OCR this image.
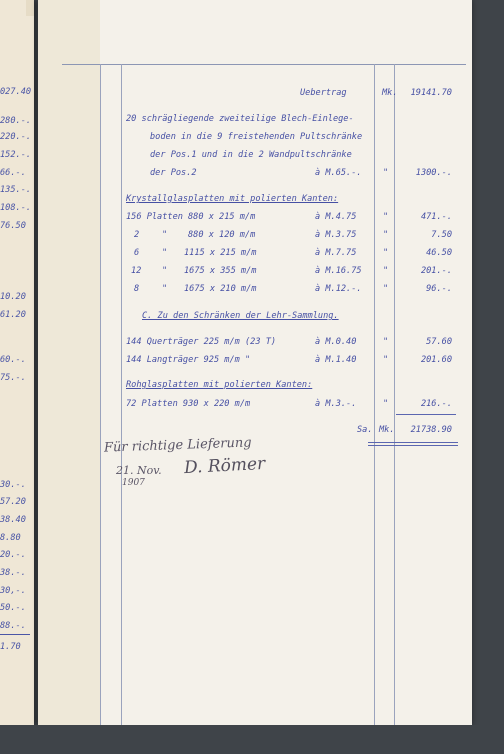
027.40
280.-.
220.-.
152.-.
66.-.
135.-.
108.-.
76.50
10.20
61.20
60.-.
75.-.
30.-.
57.20
38.40
8.80
20.-.
38.-.
30,-.
50.-.
88.-.
1.70
Uebertrag	Mk.	19141.70
20 schrägliegende zweiteilige Blech-Einlege-
boden in die 9 freistehenden Pultschränke
der Pos.1 und in die 2 Wandpultschränke
der Pos.2	à M.65.-. "	1300.-.
Krystallglasplatten mit polierten Kanten:
156 Platten 880 x 215 m/m	à M.4.75	"	471.-.
2	" 880 x 120 m/m	à M.3.75	"	7.50
6	" 1115 x 215 m/m	à M.7.75	"	46.50
12 " 1675 x 355 m/m	à M.16.75 "	201.-.
8	" 1675 x 210 m/m	à M.12.-. "	96.-.
C. Zu den Schränken der Lehr-Sammlung.
144 Querträger 225 m/m (23 T)	à M.0.40	"	57.60
144 Langträger 925 m/m "	à M.1.40	"	201.60
Rohglasplatten mit polierten Kanten:
72 Platten 930 x 220 m/m	à M.3.-.	"	216.-.
Sa. Mk.	21738.90
Für richtige Lieferung
21. Nov.
1907
D. Römer
